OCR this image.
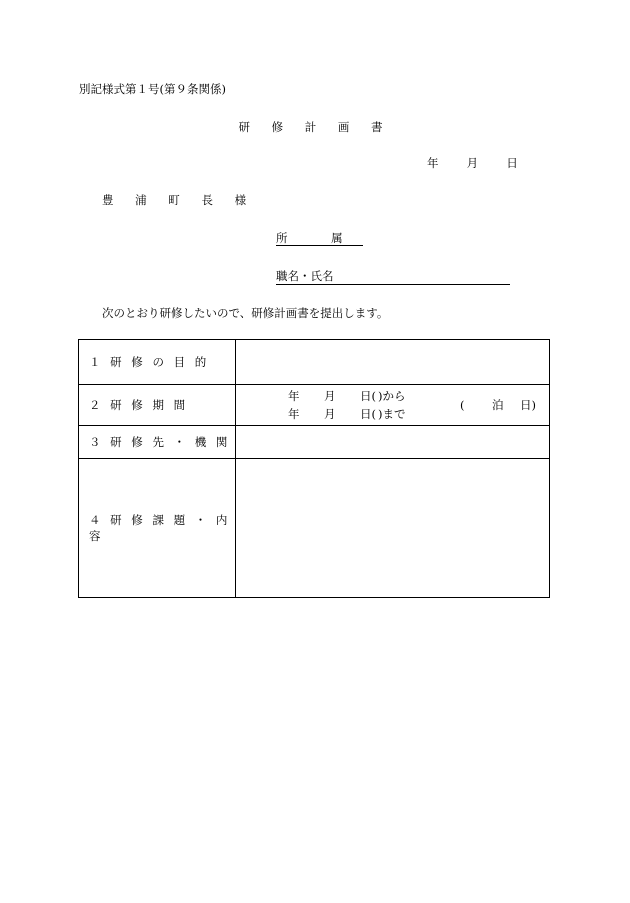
別記様式第１号(第９条関係)
研 修 計 画 書
年 月 日
豊 浦 町 長 様
所 属
職名・氏名
次のとおり研修したいので、研修計画書を提出します。
１ 研 修 の 目 的	
２ 研 修 期 間	年 月 日( )から
年 月 日( )まで
( 泊 日)

３ 研 修 先 ・ 機 関	
４ 研 修 課 題 ・ 内 容	
